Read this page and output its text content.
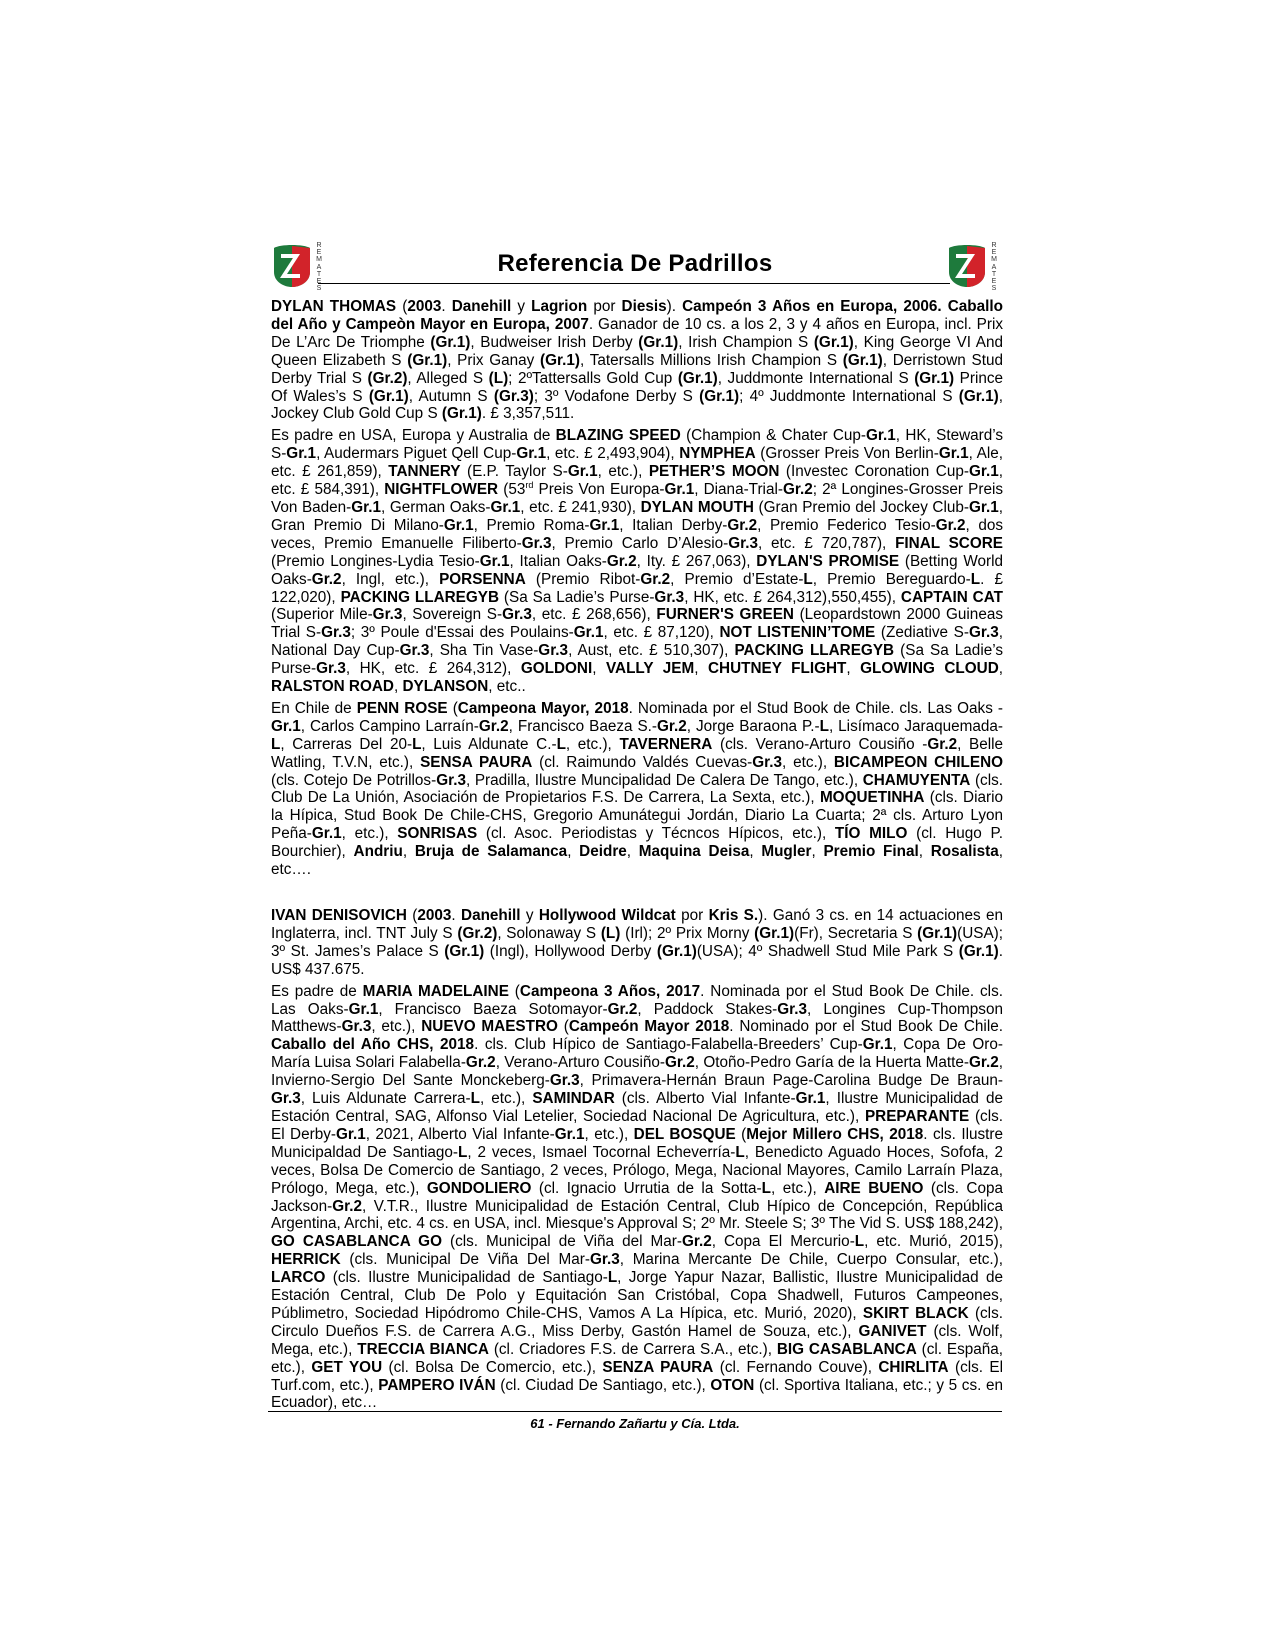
R
E
M
A
T
E
S
Referencia De Padrillos
R
E
M
A
T
E
S

DYLAN THOMAS (2003. Danehill y Lagrion por Diesis). Campeón 3 Años en Europa, 2006. Caballo del Año y Campeòn Mayor en Europa, 2007. Ganador de 10 cs. a los 2, 3 y 4 años en Europa, incl. Prix De L’Arc De Triomphe (Gr.1), Budweiser Irish Derby (Gr.1), Irish Champion S (Gr.1), King George VI And Queen Elizabeth S (Gr.1), Prix Ganay (Gr.1), Tatersalls Millions Irish Champion S (Gr.1), Derristown Stud Derby Trial S (Gr.2), Alleged S (L); 2ºTattersalls Gold Cup (Gr.1), Juddmonte International S (Gr.1) Prince Of Wales’s S (Gr.1), Autumn S (Gr.3); 3º Vodafone Derby S (Gr.1); 4º Juddmonte International S (Gr.1), Jockey Club Gold Cup S (Gr.1). £ 3,357,511.

Es padre en USA, Europa y Australia de BLAZING SPEED (Champion & Chater Cup-Gr.1, HK, Steward’s S-Gr.1, Audermars Piguet Qell Cup-Gr.1, etc. £ 2,493,904), NYMPHEA (Grosser Preis Von Berlin-Gr.1, Ale, etc. £ 261,859), TANNERY (E.P. Taylor S-Gr.1, etc.), PETHER’S MOON (Investec Coronation Cup-Gr.1, etc. £ 584,391), NIGHTFLOWER (53rd Preis Von Europa-Gr.1, Diana-Trial-Gr.2; 2ª Longines-Grosser Preis Von Baden-Gr.1, German Oaks-Gr.1, etc. £ 241,930), DYLAN MOUTH (Gran Premio del Jockey Club-Gr.1, Gran Premio Di Milano-Gr.1, Premio Roma-Gr.1, Italian Derby-Gr.2, Premio Federico Tesio-Gr.2, dos veces, Premio Emanuelle Filiberto-Gr.3, Premio Carlo D’Alesio-Gr.3, etc. £ 720,787), FINAL SCORE (Premio Longines-Lydia Tesio-Gr.1, Italian Oaks-Gr.2, Ity. £ 267,063), DYLAN'S PROMISE (Betting World Oaks-Gr.2, Ingl, etc.), PORSENNA (Premio Ribot-Gr.2, Premio d’Estate-L, Premio Bereguardo-L. £ 122,020), PACKING LLAREGYB (Sa Sa Ladie’s Purse-Gr.3, HK, etc. £ 264,312),550,455), CAPTAIN CAT (Superior Mile-Gr.3, Sovereign S-Gr.3, etc. £ 268,656), FURNER'S GREEN (Leopardstown 2000 Guineas Trial S-Gr.3; 3º Poule d'Essai des Poulains-Gr.1, etc. £ 87,120), NOT LISTENIN’TOME (Zediative S-Gr.3, National Day Cup-Gr.3, Sha Tin Vase-Gr.3, Aust, etc. £ 510,307), PACKING LLAREGYB (Sa Sa Ladie’s Purse-Gr.3, HK, etc. £ 264,312), GOLDONI, VALLY JEM, CHUTNEY FLIGHT, GLOWING CLOUD, RALSTON ROAD, DYLANSON, etc..

En Chile de PENN ROSE (Campeona Mayor, 2018. Nominada por el Stud Book de Chile. cls. Las Oaks -Gr.1, Carlos Campino Larraín-Gr.2, Francisco Baeza S.-Gr.2, Jorge Baraona P.-L, Lisímaco Jaraquemada-L, Carreras Del 20-L, Luis Aldunate C.-L, etc.), TAVERNERA (cls. Verano-Arturo Cousiño -Gr.2, Belle Watling, T.V.N, etc.), SENSA PAURA (cl. Raimundo Valdés Cuevas-Gr.3, etc.), BICAMPEON CHILENO (cls. Cotejo De Potrillos-Gr.3, Pradilla, Ilustre Muncipalidad De Calera De Tango, etc.), CHAMUYENTA (cls. Club De La Unión, Asociación de Propietarios F.S. De Carrera, La Sexta, etc.), MOQUETINHA (cls. Diario la Hípica, Stud Book De Chile-CHS, Gregorio Amunátegui Jordán, Diario La Cuarta; 2ª cls. Arturo Lyon Peña-Gr.1, etc.), SONRISAS (cl. Asoc. Periodistas y Técncos Hípicos, etc.), TÍO MILO (cl. Hugo P. Bourchier), Andriu, Bruja de Salamanca, Deidre, Maquina Deisa, Mugler, Premio Final, Rosalista, etc….

IVAN DENISOVICH (2003. Danehill y Hollywood Wildcat por Kris S.). Ganó 3 cs. en 14 actuaciones en Inglaterra, incl. TNT July S (Gr.2), Solonaway S (L) (Irl); 2º Prix Morny (Gr.1)(Fr), Secretaria S (Gr.1)(USA); 3º St. James’s Palace S (Gr.1) (Ingl), Hollywood Derby (Gr.1)(USA); 4º Shadwell Stud Mile Park S (Gr.1). US$ 437.675.

Es padre de MARIA MADELAINE (Campeona 3 Años, 2017. Nominada por el Stud Book De Chile. cls. Las Oaks-Gr.1, Francisco Baeza Sotomayor-Gr.2, Paddock Stakes-Gr.3, Longines Cup-Thompson Matthews-Gr.3, etc.), NUEVO MAESTRO (Campeón Mayor 2018. Nominado por el Stud Book De Chile. Caballo del Año CHS, 2018. cls. Club Hípico de Santiago-Falabella-Breeders’ Cup-Gr.1, Copa De Oro-María Luisa Solari Falabella-Gr.2, Verano-Arturo Cousiño-Gr.2, Otoño-Pedro Garía de la Huerta Matte-Gr.2, Invierno-Sergio Del Sante Monckeberg-Gr.3, Primavera-Hernán Braun Page-Carolina Budge De Braun-Gr.3, Luis Aldunate Carrera-L, etc.), SAMINDAR (cls. Alberto Vial Infante-Gr.1, Ilustre Municipalidad de Estación Central, SAG, Alfonso Vial Letelier, Sociedad Nacional De Agricultura, etc.), PREPARANTE (cls. El Derby-Gr.1, 2021, Alberto Vial Infante-Gr.1, etc.), DEL BOSQUE (Mejor Millero CHS, 2018. cls. Ilustre Municipaldad De Santiago-L, 2 veces, Ismael Tocornal Echeverría-L, Benedicto Aguado Hoces, Sofofa, 2 veces, Bolsa De Comercio de Santiago, 2 veces, Prólogo, Mega, Nacional Mayores, Camilo Larraín Plaza, Prólogo, Mega, etc.), GONDOLIERO (cl. Ignacio Urrutia de la Sotta-L, etc.), AIRE BUENO (cls. Copa Jackson-Gr.2, V.T.R., Ilustre Municipalidad de Estación Central, Club Hípico de Concepción, República Argentina, Archi, etc. 4 cs. en USA, incl. Miesque's Approval S; 2º Mr. Steele S; 3º The Vid S. US$ 188,242), GO CASABLANCA GO (cls. Municipal de Viña del Mar-Gr.2, Copa El Mercurio-L, etc. Murió, 2015), HERRICK (cls. Municipal De Viña Del Mar-Gr.3, Marina Mercante De Chile, Cuerpo Consular, etc.), LARCO (cls. Ilustre Municipalidad de Santiago-L, Jorge Yapur Nazar, Ballistic, Ilustre Municipalidad de Estación Central, Club De Polo y Equitación San Cristóbal, Copa Shadwell, Futuros Campeones, Públimetro, Sociedad Hipódromo Chile-CHS, Vamos A La Hípica, etc. Murió, 2020), SKIRT BLACK (cls. Circulo Dueños F.S. de Carrera A.G., Miss Derby, Gastón Hamel de Souza, etc.), GANIVET (cls. Wolf, Mega, etc.), TRECCIA BIANCA (cl. Criadores F.S. de Carrera S.A., etc.), BIG CASABLANCA (cl. España, etc.), GET YOU (cl. Bolsa De Comercio, etc.), SENZA PAURA (cl. Fernando Couve), CHIRLITA (cls. El Turf.com, etc.), PAMPERO IVÁN (cl. Ciudad De Santiago, etc.), OTON (cl. Sportiva Italiana, etc.; y 5 cs. en Ecuador), etc…

61 - Fernando Zañartu y Cía. Ltda.
